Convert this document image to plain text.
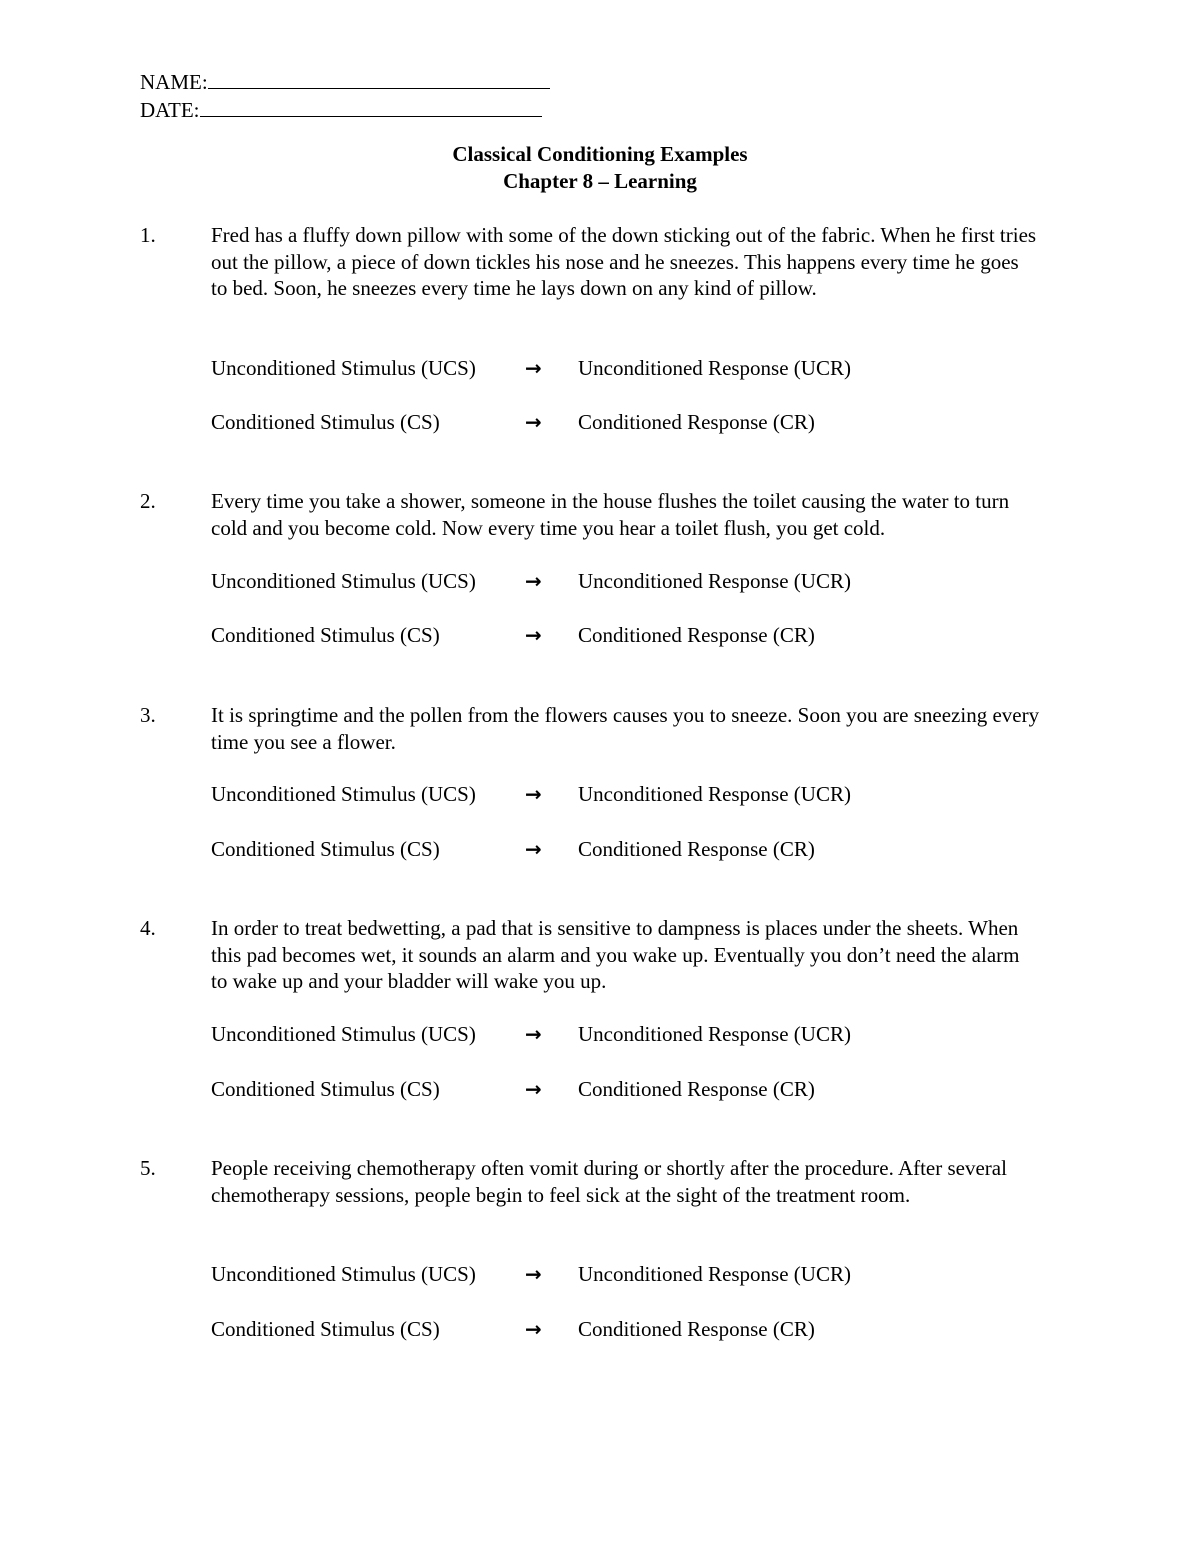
NAME:
DATE:
Classical Conditioning Examples
Chapter 8 – Learning
1.	Fred has a fluffy down pillow with some of the down sticking out of the fabric. When he first tries out the pillow, a piece of down tickles his nose and he sneezes. This happens every time he goes to bed. Soon, he sneezes every time he lays down on any kind of pillow.
Unconditioned Stimulus (UCS) → Unconditioned Response (UCR)
Conditioned Stimulus (CS)	→ Conditioned Response (CR)
2.	Every time you take a shower, someone in the house flushes the toilet causing the water to turn cold and you become cold. Now every time you hear a toilet flush, you get cold.
Unconditioned Stimulus (UCS) → Unconditioned Response (UCR)
Conditioned Stimulus (CS)	→ Conditioned Response (CR)
3.	It is springtime and the pollen from the flowers causes you to sneeze. Soon you are sneezing every time you see a flower.
Unconditioned Stimulus (UCS) → Unconditioned Response (UCR)
Conditioned Stimulus (CS)	→ Conditioned Response (CR)
4.	In order to treat bedwetting, a pad that is sensitive to dampness is places under the sheets. When this pad becomes wet, it sounds an alarm and you wake up. Eventually you don’t need the alarm to wake up and your bladder will wake you up.
Unconditioned Stimulus (UCS) → Unconditioned Response (UCR)
Conditioned Stimulus (CS)	→ Conditioned Response (CR)
5.	People receiving chemotherapy often vomit during or shortly after the procedure. After several chemotherapy sessions, people begin to feel sick at the sight of the treatment room.
Unconditioned Stimulus (UCS) → Unconditioned Response (UCR)
Conditioned Stimulus (CS)	→ Conditioned Response (CR)
